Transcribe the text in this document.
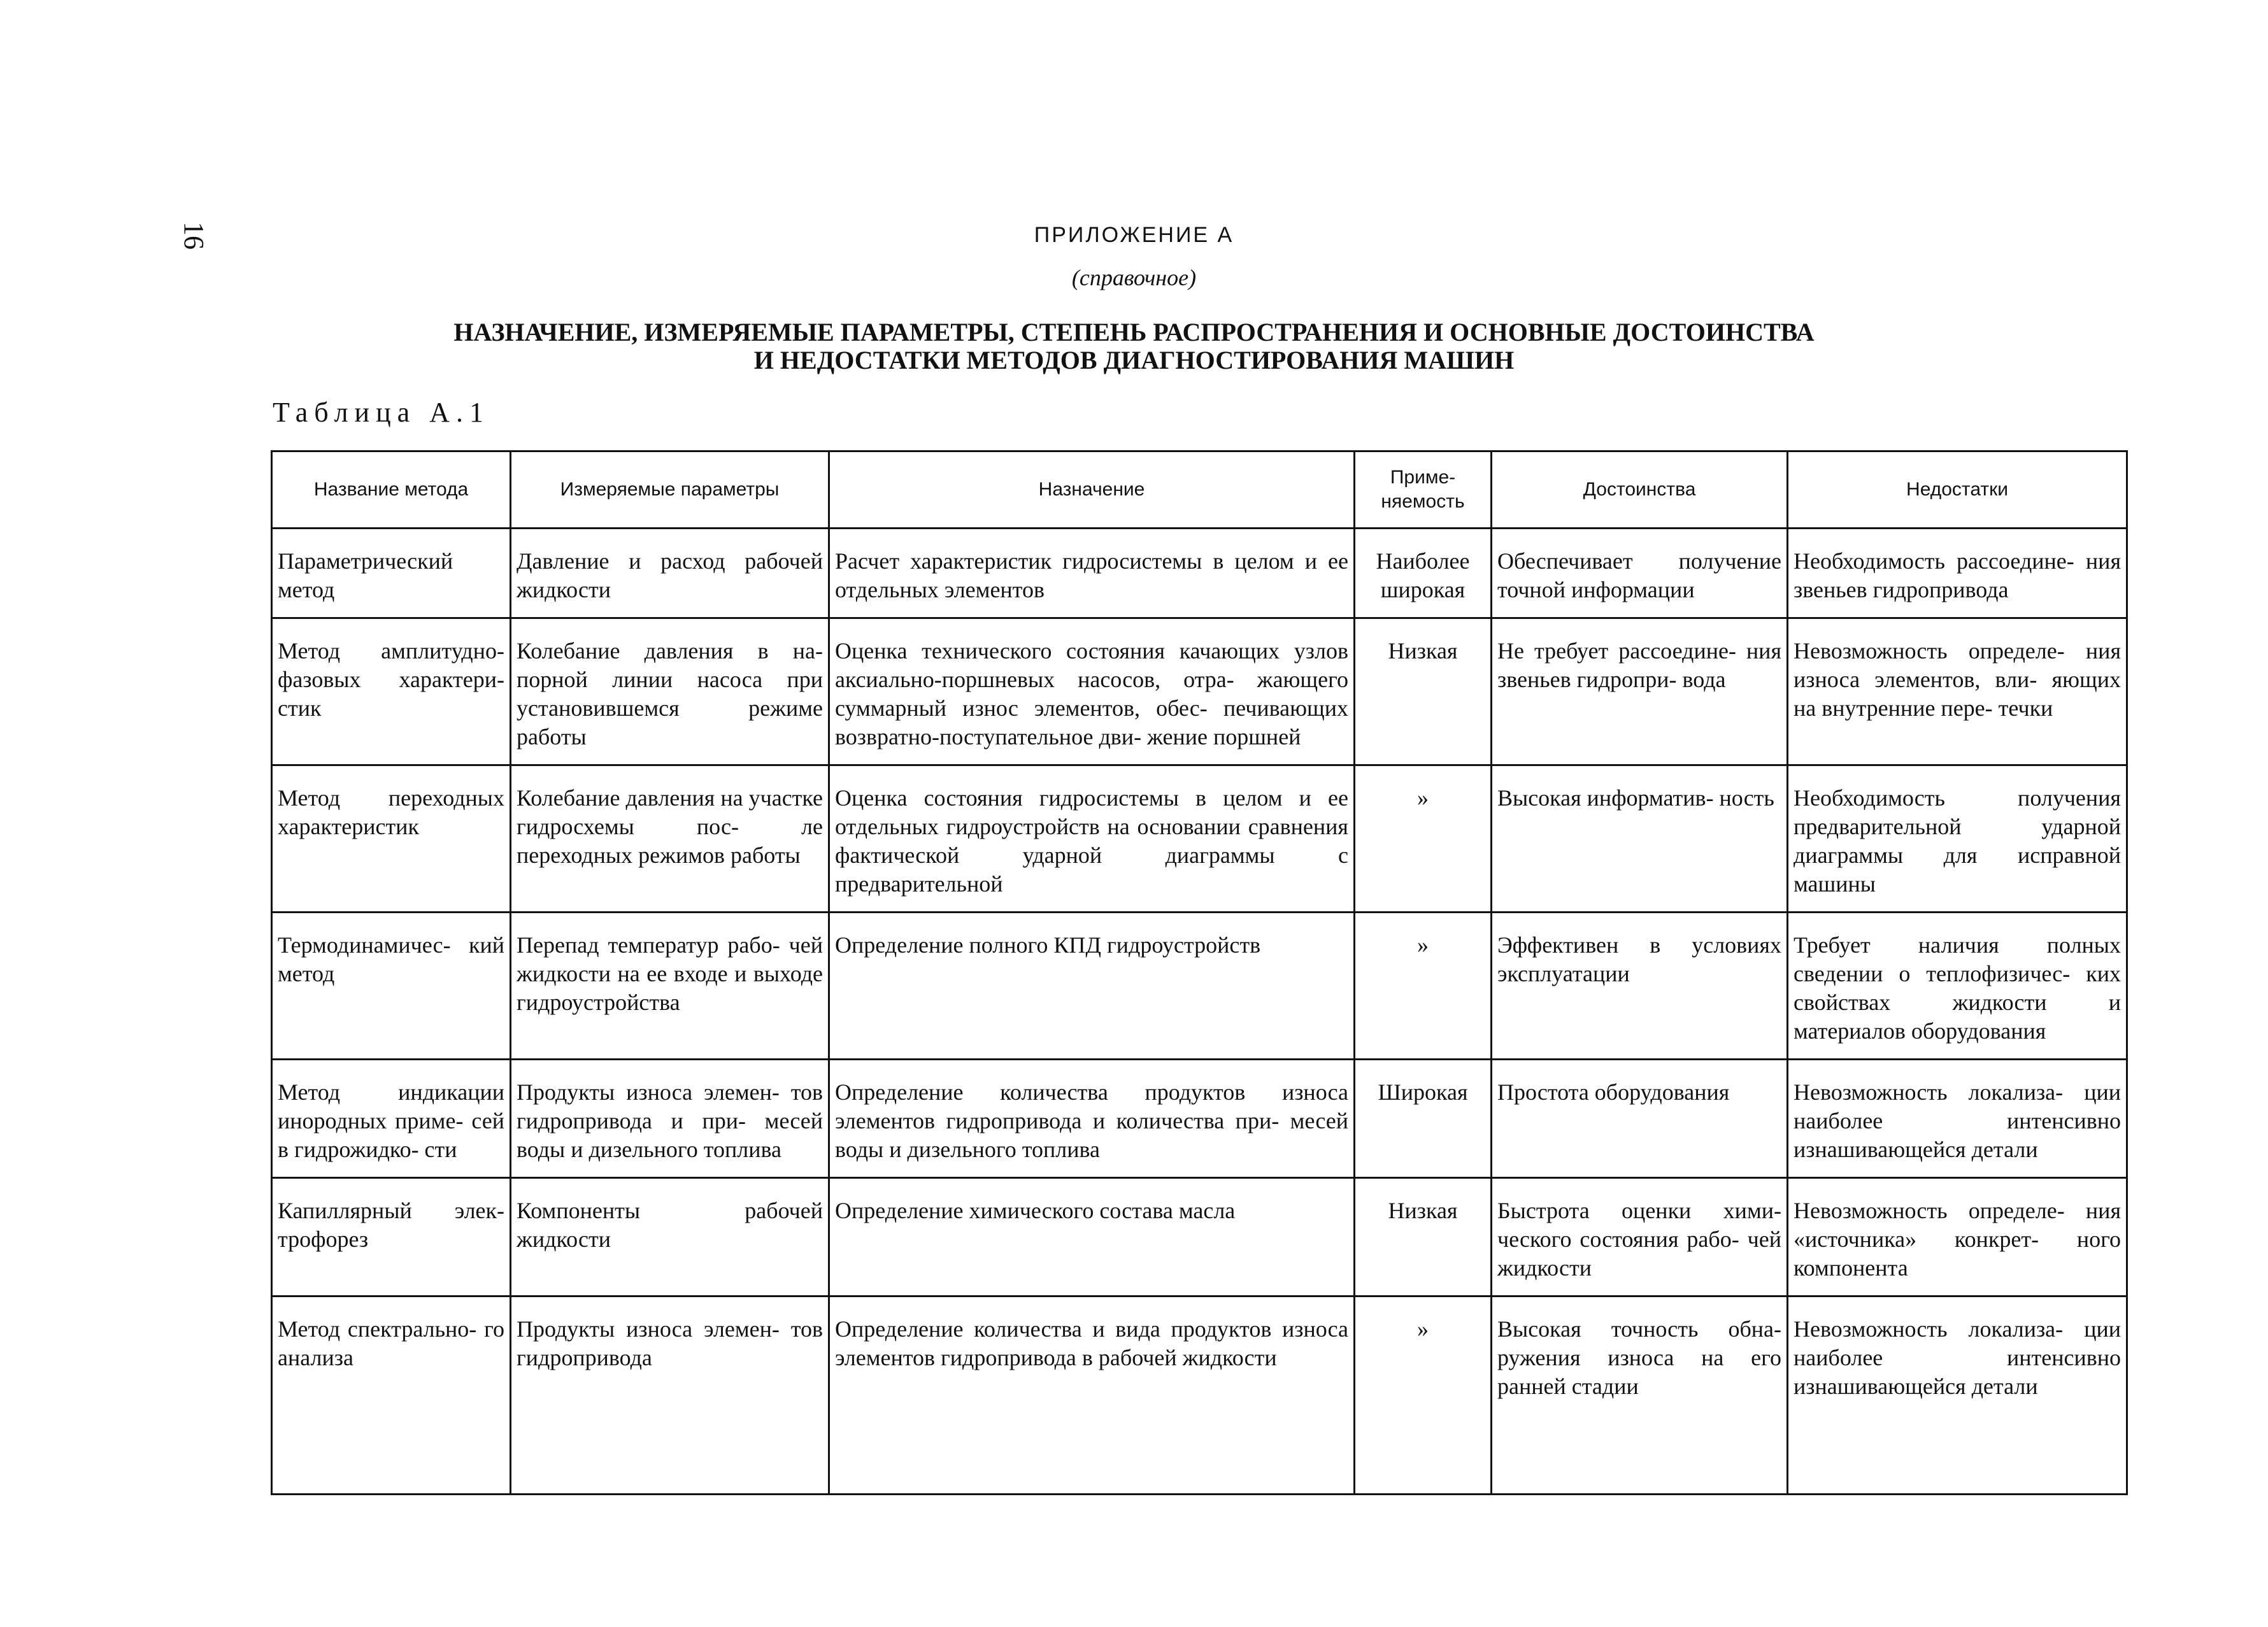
16	ПРИЛОЖЕНИЕ А
(справочное)
НАЗНАЧЕНИЕ, ИЗМЕРЯЕМЫЕ ПАРАМЕТРЫ, СТЕПЕНЬ РАСПРОСТРАНЕНИЯ И ОСНОВНЫЕ ДОСТОИНСТВА
И НЕДОСТАТКИ МЕТОДОВ ДИАГНОСТИРОВАНИЯ МАШИН
Таблица А.1
Название метода	Измеряемые параметры	Назначение	Приме- няемость	Достоинства	Недостатки
Параметрический метод	Давление и расход рабочей жидкости	Расчет характеристик гидросистемы в целом и ее отдельных элементов	Наиболее широкая	Обеспечивает получение точной информации	Необходимость рассоедине- ния звеньев гидропривода
Метод амплитудно- фазовых характери- стик	Колебание давления в на- порной линии насоса при установившемся режиме работы	Оценка технического состояния качающих узлов аксиально-поршневых насосов, отра- жающего суммарный износ элементов, обес- печивающих возвратно-поступательное дви- жение поршней	Низкая	Не требует рассоедине- ния звеньев гидропри- вода	Невозможность определе- ния износа элементов, вли- яющих на внутренние пере- течки
Метод переходных характеристик	Колебание давления на участке гидросхемы пос- ле переходных режимов работы	Оценка состояния гидросистемы в целом и ее отдельных гидроустройств на основании сравнения фактической ударной диаграммы с предварительной	»	Высокая информатив- ность	Необходимость получения предварительной ударной диаграммы для исправной машины
Термодинамичес- кий метод	Перепад температур рабо- чей жидкости на ее входе и выходе гидроустройства	Определение полного КПД гидроустройств	»	Эффективен в условиях эксплуатации	Требует наличия полных сведении о теплофизичес- ких свойствах жидкости и материалов оборудования
Метод индикации инородных приме- сей в гидрожидко- сти	Продукты износа элемен- тов гидропривода и при- месей воды и дизельного топлива	Определение количества продуктов износа элементов гидропривода и количества при- месей воды и дизельного топлива	Широкая	Простота оборудования	Невозможность локализа- ции наиболее интенсивно изнашивающейся детали
Капиллярный элек- трофорез	Компоненты рабочей жидкости	Определение химического состава масла	Низкая	Быстрота оценки хими- ческого состояния рабо- чей жидкости	Невозможность определе- ния «источника» конкрет- ного компонента
Метод спектрально- го анализа	Продукты износа элемен- тов гидропривода	Определение количества и вида продуктов износа элементов гидропривода в рабочей жидкости	»	Высокая точность обна- ружения износа на его ранней стадии	Невозможность локализа- ции наиболее интенсивно изнашивающейся детали
